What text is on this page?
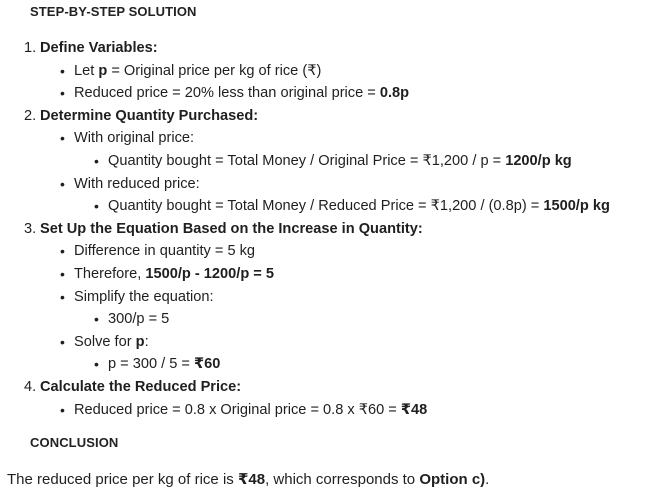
STEP-BY-STEP SOLUTION
1. Define Variables:
• Let p = Original price per kg of rice (₹)
• Reduced price = 20% less than original price = 0.8p
2. Determine Quantity Purchased:
• With original price:
• Quantity bought = Total Money / Original Price = ₹1,200 / p = 1200/p kg
• With reduced price:
• Quantity bought = Total Money / Reduced Price = ₹1,200 / (0.8p) = 1500/p kg
3. Set Up the Equation Based on the Increase in Quantity:
• Difference in quantity = 5 kg
• Therefore, 1500/p - 1200/p = 5
• Simplify the equation:
• 300/p = 5
• Solve for p:
• p = 300 / 5 = ₹60
4. Calculate the Reduced Price:
• Reduced price = 0.8 x Original price = 0.8 x ₹60 = ₹48
CONCLUSION
The reduced price per kg of rice is ₹48, which corresponds to Option c).
